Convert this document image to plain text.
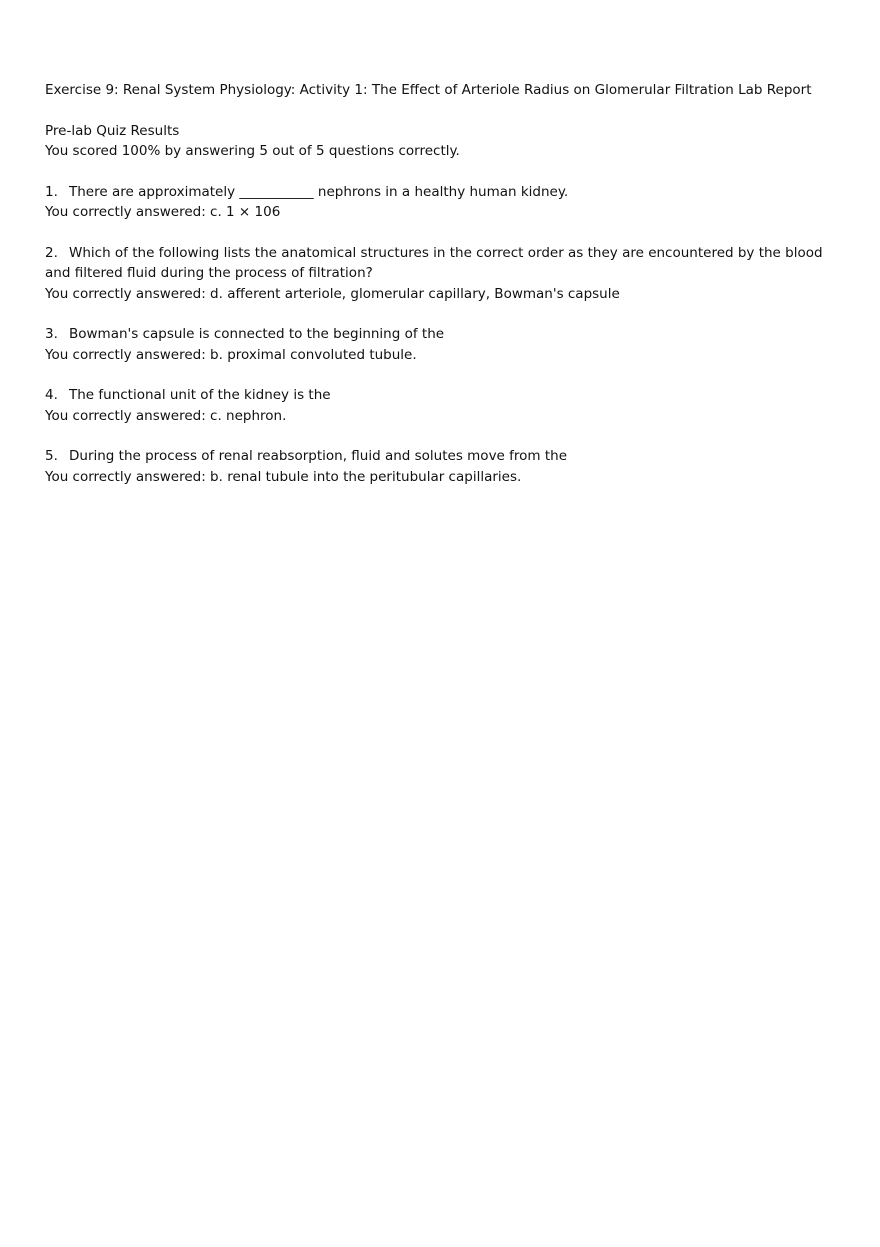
Exercise 9: Renal System Physiology: Activity 1: The Effect of Arteriole Radius on Glomerular Filtration Lab Report
Pre-lab Quiz Results

You scored 100% by answering 5 out of 5 questions correctly.

1. There are approximately ___________ nephrons in a healthy human kidney.

You correctly answered: c. 1 × 106

2. Which of the following lists the anatomical structures in the correct order as they are encountered by the blood and filtered fluid during the process of filtration?

You correctly answered: d. afferent arteriole, glomerular capillary, Bowman's capsule

3. Bowman's capsule is connected to the beginning of the

You correctly answered: b. proximal convoluted tubule.

4. The functional unit of the kidney is the

You correctly answered: c. nephron.

5. During the process of renal reabsorption, fluid and solutes move from the

You correctly answered: b. renal tubule into the peritubular capillaries.
